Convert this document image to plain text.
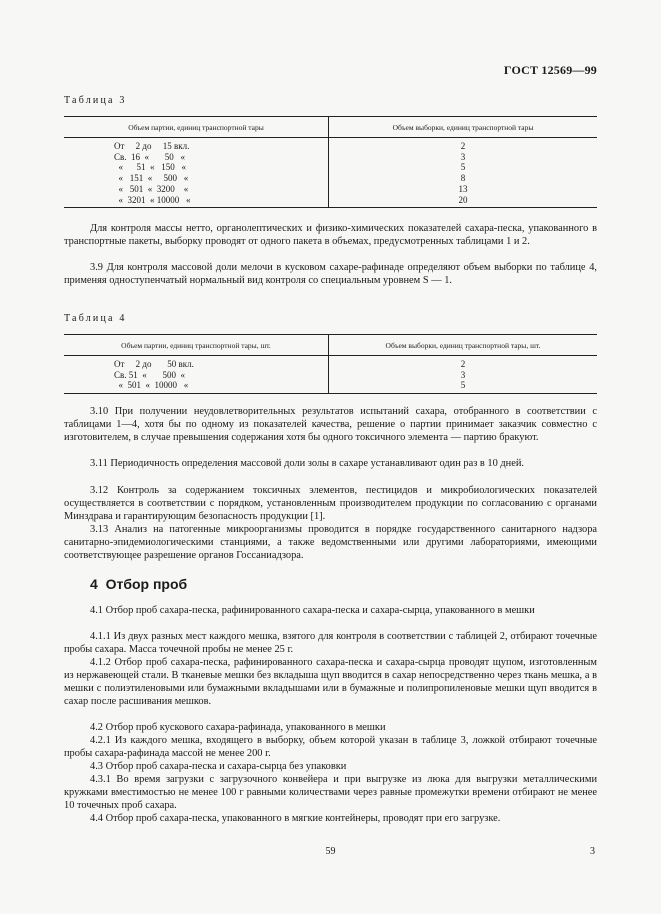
ГОСТ 12569—99
Таблица 3
Объем партии, единиц транспортной тары	Объем выборки, единиц транспортной тары
От     2 до     15 вкл.	2
Св.  16  «       50   «	3
«      51  «   150   «	5
«   151  «     500   «	8
«   501  «  3200    «	13
«  3201  « 10000   «	20

Для контроля массы нетто, органолептических и физико-химических показателей сахара-песка, упакованного в транспортные пакеты, выборку проводят от одного пакета в объемах, предусмотренных таблицами 1 и 2.

3.9 Для контроля массовой доли мелочи в кусковом сахаре-рафинаде определяют объем выборки по таблице 4, применяя одноступенчатый нормальный вид контроля со специальным уровнем S — 1.

Таблица 4
Объем партии, единиц транспортной тары, шт.	Объем выборки, единиц транспортной тары, шт.
От     2 до       50 вкл.	2
Св. 51  «       500  «	3
«  501  «  10000   «	5

3.10 При получении неудовлетворительных результатов испытаний сахара, отобранного в соответствии с таблицами 1—4, хотя бы по одному из показателей качества, решение о партии принимает заказчик совместно с изготовителем, в случае превышения содержания хотя бы одного токсичного элемента — партию бракуют.

3.11 Периодичность определения массовой доли золы в сахаре устанавливают один раз в 10 дней.

3.12 Контроль за содержанием токсичных элементов, пестицидов и микробиологических показателей осуществляется в соответствии с порядком, установленным производителем продукции по согласованию с органами Минздрава и гарантирующим безопасность продукции [1].

3.13 Анализ на патогенные микроорганизмы проводится в порядке государственного санитарного надзора санитарно-эпидемиологическими станциями, а также ведомственными или другими лабораториями, имеющими соответствующее разрешение органов Госсаниадзора.

4 Отбор проб

4.1 Отбор проб сахара-песка, рафинированного сахара-песка и сахара-сырца, упакованного в мешки

4.1.1 Из двух разных мест каждого мешка, взятого для контроля в соответствии с таблицей 2, отбирают точечные пробы сахара. Масса точечной пробы не менее 25 г.

4.1.2 Отбор проб сахара-песка, рафинированного сахара-песка и сахара-сырца проводят щупом, изготовленным из нержавеющей стали. В тканевые мешки без вкладыша щуп вводится в сахар непосредственно через ткань мешка, а в мешки с полиэтиленовыми или бумажными вкладышами или в бумажные и полипропиленовые мешки щуп вводится в сахар после расшивания мешков.

4.2 Отбор проб кускового сахара-рафинада, упакованного в мешки

4.2.1 Из каждого мешка, входящего в выборку, объем которой указан в таблице 3, ложкой отбирают точечные пробы сахара-рафинада массой не менее 200 г.

4.3 Отбор проб сахара-песка и сахара-сырца без упаковки

4.3.1 Во время загрузки с загрузочного конвейера и при выгрузке из люка для выгрузки металлическими кружками вместимостью не менее 100 г равными количествами через равные промежутки времени отбирают не менее 10 точечных проб сахара.

4.4 Отбор проб сахара-песка, упакованного в мягкие контейнеры, проводят при его загрузке.

59	3
